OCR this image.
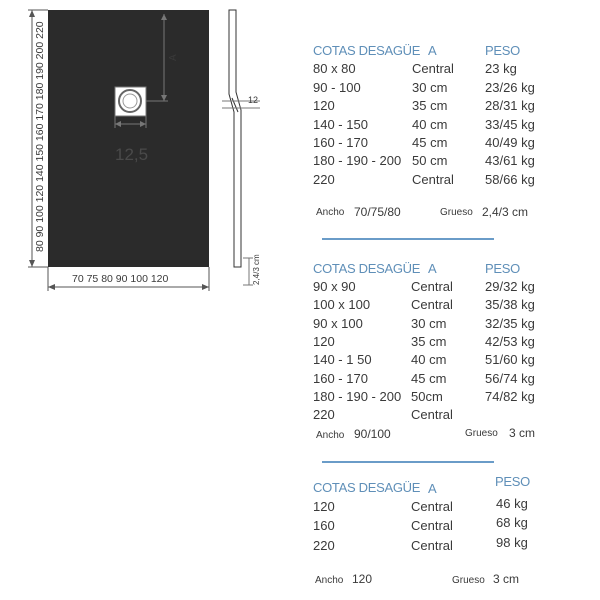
80 90 100 120 140 150 160 170 180 190 200 220
70 75 80 90 100 120
A
12,5
12
2,4/3 cm
COTAS DESAGÜE A	PESO
80 x 80	Central 23 kg
90 - 100	30 cm	23/26 kg
120	35 cm	28/31 kg
140 - 150	40 cm	33/45 kg
160 - 170	45 cm	40/49 kg
180 - 190 - 200 50 cm	43/61 kg
220	Central 58/66 kg
Ancho 70/75/80	Grueso 2,4/3 cm
COTAS DESAGÜE A	PESO
90 x 90	Central 29/32 kg
100 x 100	Central 35/38 kg
90 x 100	30 cm	32/35 kg
120	35 cm	42/53 kg
140 - 1 50	40 cm	51/60 kg
160 - 170	45 cm	56/74 kg
180 - 190 - 200 50cm	74/82 kg
220	Central
Ancho 90/100	Grueso 3 cm
COTAS DESAGÜE A	PESO
120	Central	46 kg
160	Central	68 kg
220	Central	98 kg
Ancho 120	Grueso 3 cm
